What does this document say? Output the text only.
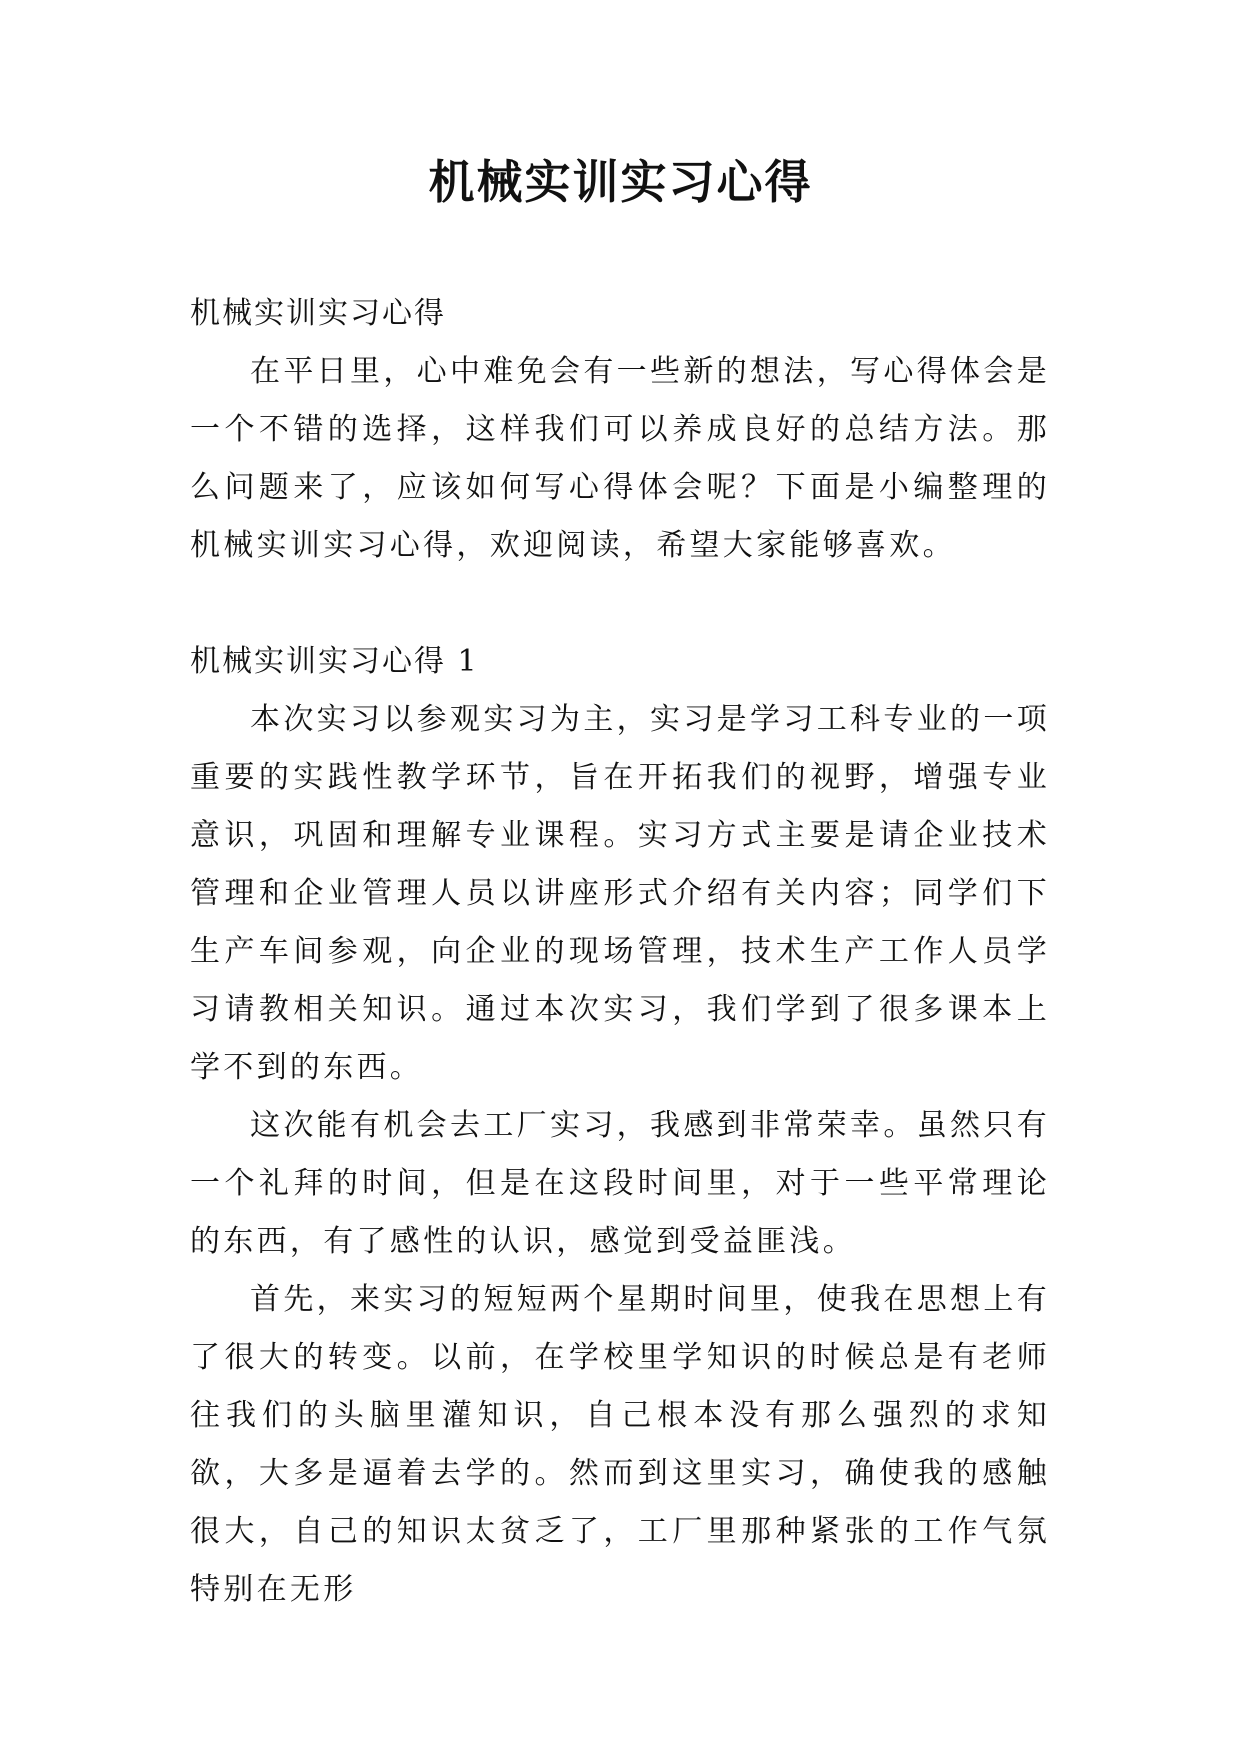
机械实训实习心得

机械实训实习心得

在平日里，心中难免会有一些新的想法，写心得体会是一个不错的选择，这样我们可以养成良好的总结方法。那么问题来了，应该如何写心得体会呢？下面是小编整理的机械实训实习心得，欢迎阅读，希望大家能够喜欢。

机械实训实习心得 1

本次实习以参观实习为主，实习是学习工科专业的一项重要的实践性教学环节，旨在开拓我们的视野，增强专业意识，巩固和理解专业课程。实习方式主要是请企业技术管理和企业管理人员以讲座形式介绍有关内容；同学们下生产车间参观，向企业的现场管理，技术生产工作人员学习请教相关知识。通过本次实习，我们学到了很多课本上学不到的东西。

这次能有机会去工厂实习，我感到非常荣幸。虽然只有一个礼拜的时间，但是在这段时间里，对于一些平常理论的东西，有了感性的认识，感觉到受益匪浅。

首先，来实习的短短两个星期时间里，使我在思想上有了很大的转变。以前，在学校里学知识的时候总是有老师往我们的头脑里灌知识，自己根本没有那么强烈的求知欲，大多是逼着去学的。然而到这里实习，确使我的感触很大，自己的知识太贫乏了，工厂里那种紧张的工作气氛特别在无形
